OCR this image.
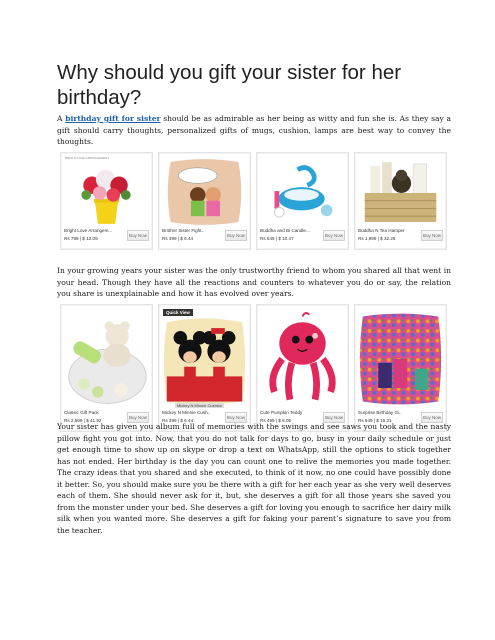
Why should you gift your sister for her birthday?

A birthday gift for sister should be as admirable as her being as witty and fun she is. As they say a gift should carry thoughts, personalized gifts of mugs, cushion, lamps are best way to convey the thoughts.

BRIGHT LOVE ARRANGEMENT
Bright Love Arrangem...
Rs 799 | $ 12.09
Buy Now
Brother Sister Fight..
Rs 399 | $ 6.44
Buy Now
Buddha and Bi Candle...
Rs 649 | $ 10.47
Buy Now
Buddha N Tea Hamper
Rs 1,999 | $ 32.26
Buy Now

In your growing years your sister was the only trustworthy friend to whom you shared all that went in your head. Though they have all the reactions and counters to whatever you do or say, the relation you share is unexplainable and how it has evolved over years.

Classic Gift Pack
Rs 2,599 | $ 41.92
Buy Now
Quick View
Mickey N Minnie Cushion
Mickey N Minnie Cush..
Rs 399 | $ 6.44
Buy Now
Cute Pumpkin Teddy
Rs 499 | $ 8.05
Buy Now
Surprise Birthday Gi..
Rs 949 | $ 15.31
Buy Now

Your sister has given you album full of memories with the swings and see saws you took and the nasty pillow fight you got into. Now, that you do not talk for days to go, busy in your daily schedule or just get enough time to show up on skype or drop a text on WhatsApp, still the options to stick together has not ended. Her birthday is the day you can count one to relive the memories you made together. The crazy ideas that you shared and she executed, to think of it now, no one could have possibly done it better. So, you should make sure you be there with a gift for her each year as she very well deserves each of them. She should never ask for it, but, she deserves a gift for all those years she saved you from the monster under your bed. She deserves a gift for loving you enough to sacrifice her dairy milk silk when you wanted more. She deserves a gift for faking your parent’s signature to save you from the teacher.
